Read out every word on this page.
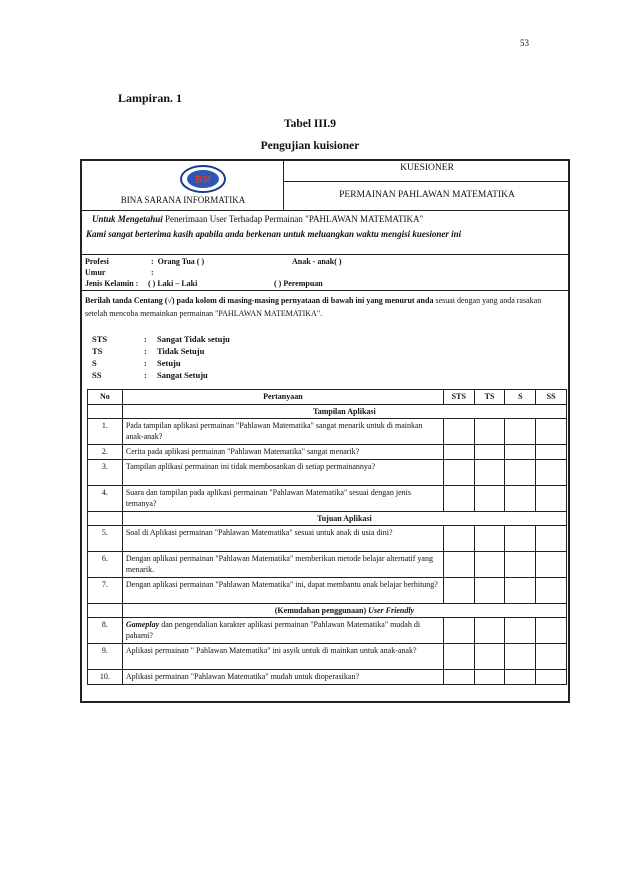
53
Lampiran. 1
Tabel III.9
Pengujian kuisioner
BSI
BINA SARANA INFORMATIKA
KUESIONER
PERMAINAN PAHLAWAN MATEMATIKA
Untuk Mengetahui Penerimaan User Terhadap Permainan "PAHLAWAN MATEMATIKA"
Kami sangat berterima kasih apabila anda berkenan untuk meluangkan waktu mengisi kuesioner ini
Profesi	:  Orang Tua ( )	Anak - anak( )
Umur	:
Jenis Kelamin : ( ) Laki – Laki	( ) Perempuan
Berilah tanda Centang (√) pada kolom di masing-masing pernyataan di bawah ini yang menurut anda sesuai dengan yang anda rasakan setelah mencoba memainkan permainan "PAHLAWAN MATEMATIKA".
STS	: Sangat Tidak setuju
TS	: Tidak Setuju
S	: Setuju
SS	: Sangat Setuju
No	Pertanyaan	STS	TS	S	SS
	Tampilan Aplikasi				
1.	Pada tampilan aplikasi permainan "Pahlawan Matematika" sangat menarik untuk di mainkan anak-anak?				
2.	Cerita pada aplikasi permainan "Pahlawan Matematika" sangat menarik?				
3.	Tampilan aplikasi permainan ini tidak membosankan di setiap permainannya?				
4.	Suara dan tampilan pada aplikasi permainan "Pahlawan Matematika" sesuai dengan jenis temanya?				
	Tujuan Aplikasi				
5.	Soal di Aplikasi permainan "Pahlawan Matematika" sesuai untuk anak di usia dini?				
6.	Dengan aplikasi permainan "Pahlawan Matematika" memberikan metode belajar alternatif yang menarik.				
7.	Dengan aplikasi permainan "Pahlawan Matematika" ini, dapat membantu anak belajar berhitung?				
	(Kemudahan penggunaan) User Friendly				
8.	Gameplay dan pengendalian karakter aplikasi permainan "Pahlawan Matematika" mudah di pahami?				
9.	Aplikasi permainan " Pahlawan Matematika" ini asyik untuk di mainkan untuk anak-anak?				
10.	Aplikasi permainan "Pahlawan Matematika" mudah untuk dioperasikan?				
